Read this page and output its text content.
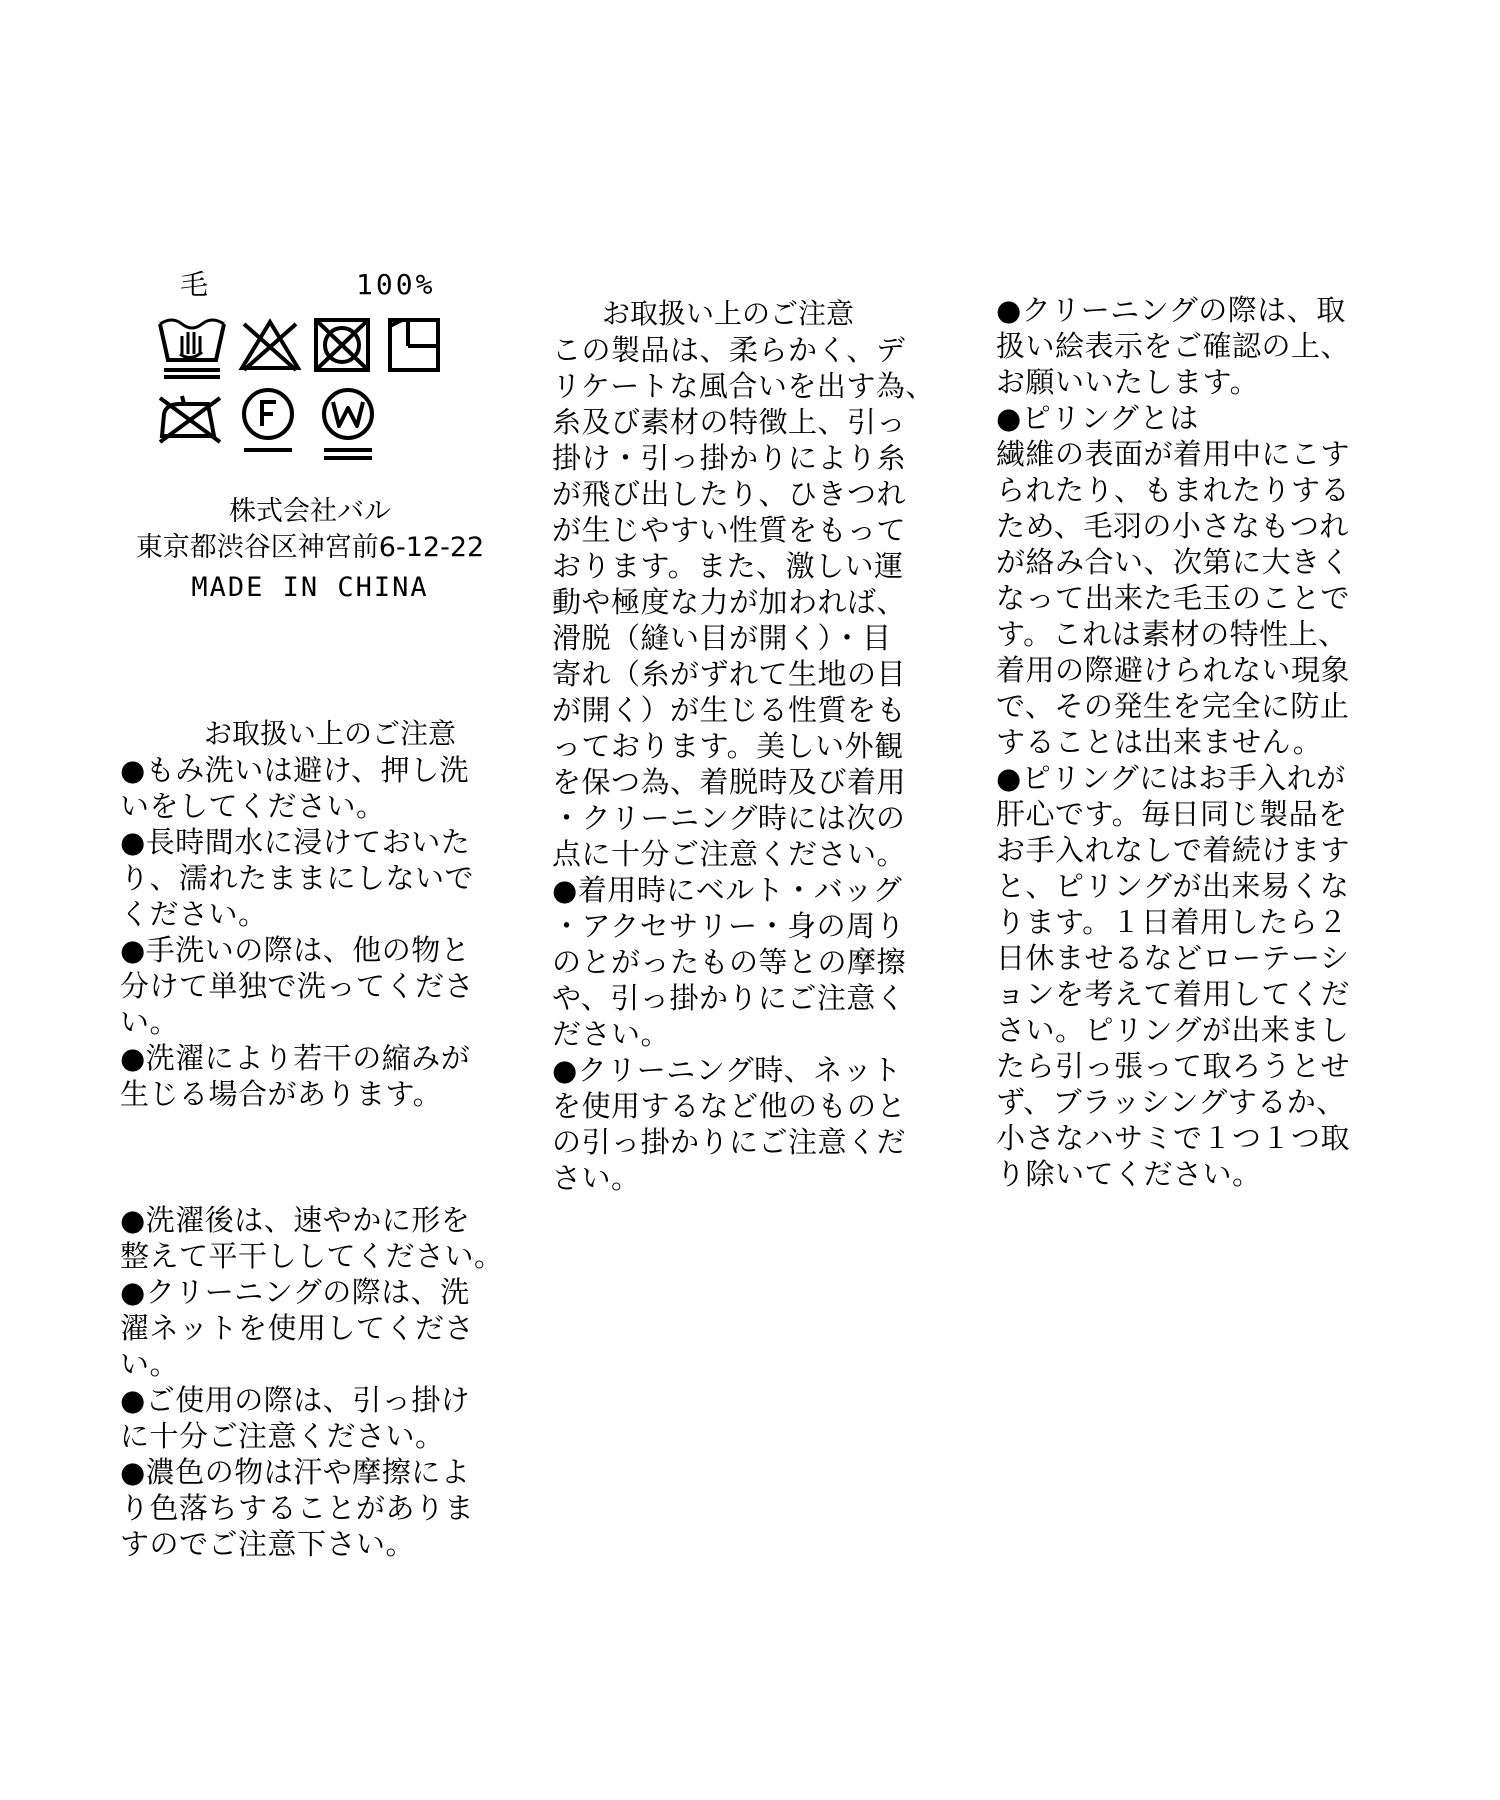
毛	100%
株式会社バル
東京都渋谷区神宮前6-12-22
MADE IN CHINA
お取扱い上のご注意
●もみ洗いは避け、押し洗
いをしてください。
●長時間水に浸けておいた
り、濡れたままにしないで
ください。
●手洗いの際は、他の物と
分けて単独で洗ってくださ
い。
●洗濯により若干の縮みが
生じる場合があります。
●洗濯後は、速やかに形を
整えて平干ししてください。
●クリーニングの際は、洗
濯ネットを使用してくださ
い。
●ご使用の際は、引っ掛け
に十分ご注意ください。
●濃色の物は汗や摩擦によ
り色落ちすることがありま
すのでご注意下さい。
お取扱い上のご注意
この製品は、柔らかく、デ
リケートな風合いを出す為、
糸及び素材の特徴上、引っ
掛け・引っ掛かりにより糸
が飛び出したり、ひきつれ
が生じやすい性質をもって
おります。また、激しい運
動や極度な力が加われば、
滑脱（縫い目が開く）・目
寄れ（糸がずれて生地の目
が開く）が生じる性質をも
っております。美しい外観
を保つ為、着脱時及び着用
・クリーニング時には次の
点に十分ご注意ください。
●着用時にベルト・バッグ
・アクセサリー・身の周り
のとがったもの等との摩擦
や、引っ掛かりにご注意く
ださい。
●クリーニング時、ネット
を使用するなど他のものと
の引っ掛かりにご注意くだ
さい。
●クリーニングの際は、取
扱い絵表示をご確認の上、
お願いいたします。
●ピリングとは
繊維の表面が着用中にこす
られたり、もまれたりする
ため、毛羽の小さなもつれ
が絡み合い、次第に大きく
なって出来た毛玉のことで
す。これは素材の特性上、
着用の際避けられない現象
で、その発生を完全に防止
することは出来ません。
●ピリングにはお手入れが
肝心です。毎日同じ製品を
お手入れなしで着続けます
と、ピリングが出来易くな
ります。１日着用したら２
日休ませるなどローテーシ
ョンを考えて着用してくだ
さい。ピリングが出来まし
たら引っ張って取ろうとせ
ず、ブラッシングするか、
小さなハサミで１つ１つ取
り除いてください。
